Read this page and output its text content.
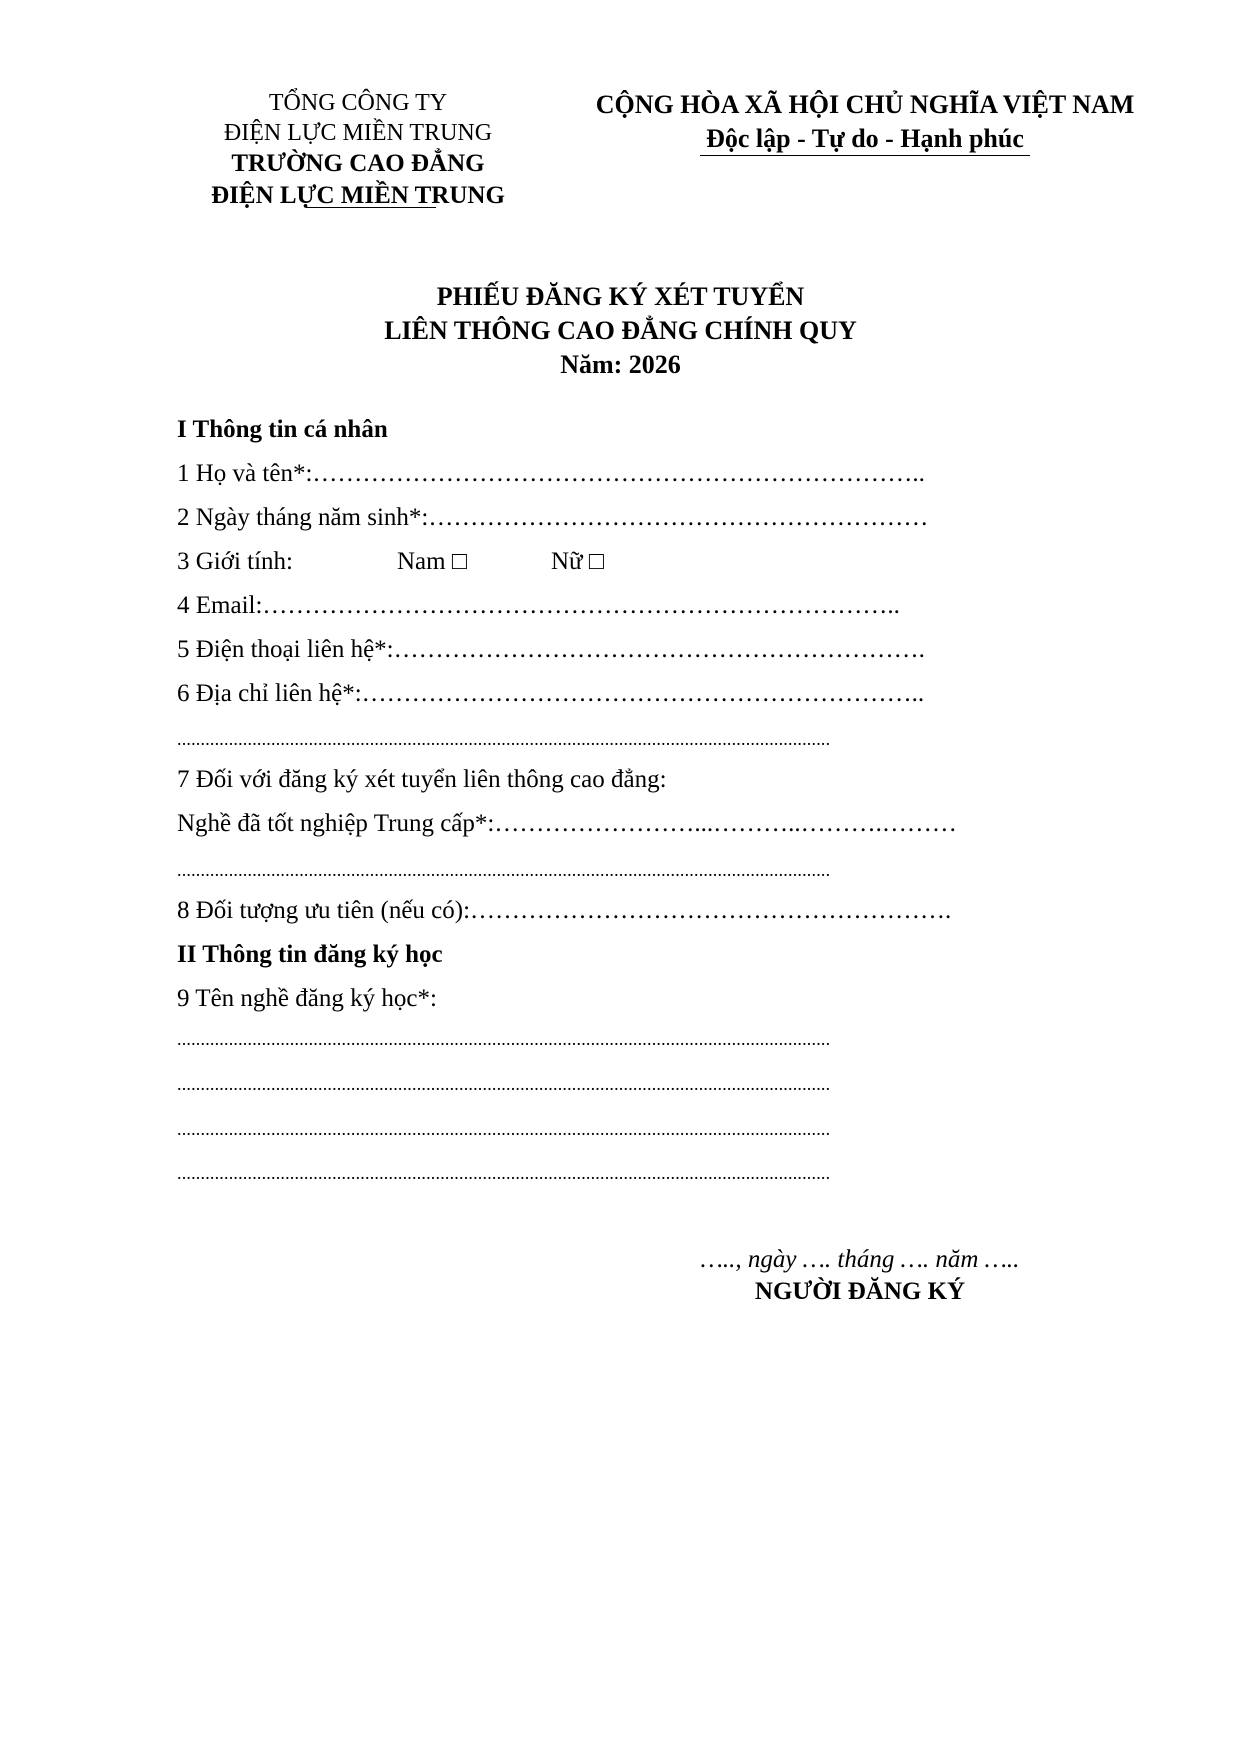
TỔNG CÔNG TY
ĐIỆN LỰC MIỀN TRUNG
TRƯỜNG CAO ĐẲNG
ĐIỆN LỰC MIỀN TRUNG
CỘNG HÒA XÃ HỘI CHỦ NGHĨA VIỆT NAM
Độc lập - Tự do - Hạnh phúc
PHIẾU ĐĂNG KÝ XÉT TUYỂN
LIÊN THÔNG CAO ĐẲNG CHÍNH QUY
Năm: 2026
I Thông tin cá nhân
1 Họ và tên*:………………………………………………………………..
2 Ngày tháng năm sinh*:……………………………………………………
3 Giới tính:	Nam □	Nữ □
4 Email:…………………………………………………………………..
5 Điện thoại liên hệ*:……………………………………………………….
6 Địa chỉ liên hệ*:…………………………………………………………..
...........................................................................................................................................
7 Đối với đăng ký xét tuyển liên thông cao đẳng:
Nghề đã tốt nghiệp Trung cấp*:……………………...………..……….………
...........................................................................................................................................
8 Đối tượng ưu tiên (nếu có):………………………………………………….
II Thông tin đăng ký học
9 Tên nghề đăng ký học*:
...........................................................................................................................................
...........................................................................................................................................
...........................................................................................................................................
...........................................................................................................................................
….., ngày …. tháng …. năm …..
NGƯỜI ĐĂNG KÝ
